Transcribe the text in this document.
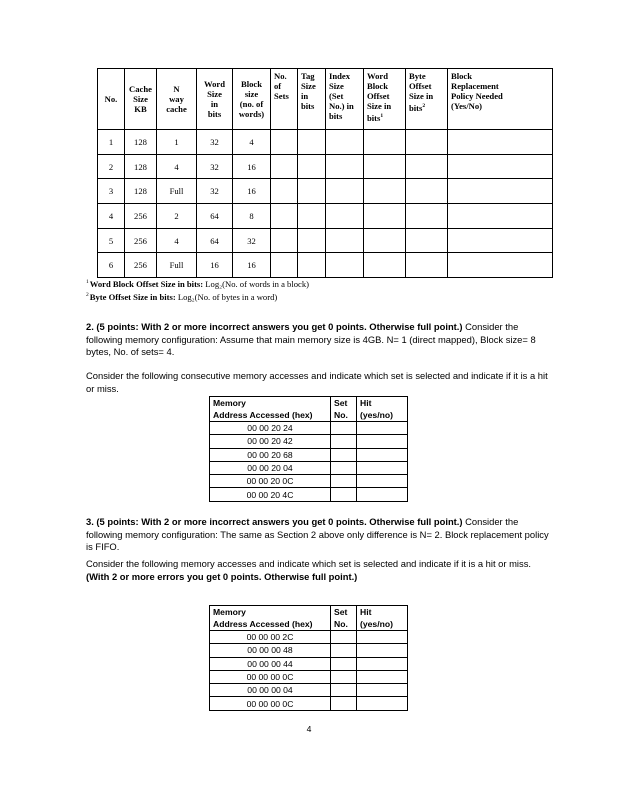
No.	Cache
Size
KB	N
way
cache	Word
Size
in
bits	Block
size
(no. of
words)	No.
of
Sets	Tag
Size
in
bits	Index
Size
(Set
No.) in
bits	Word
Block
Offset
Size in
bits$^1$	Byte
Offset
Size in
bits$^2$	Block
Replacement
Policy Needed
(Yes/No)
1	128	1	32	4						
2	128	4	32	16						
3	128	Full	32	16						
4	256	2	64	8						
5	256	4	64	32						
6	256	Full	16	16						
$^1$Word Block Offset Size in bits: Log₂(No. of words in a block)
$^2$Byte Offset Size in bits: Log₂(No. of bytes in a word)
2. (5 points: With 2 or more incorrect answers you get 0 points. Otherwise full point.) Consider the following memory configuration: Assume that main memory size is 4GB. N= 1 (direct mapped), Block size= 8 bytes, No. of sets= 4.
Consider the following consecutive memory accesses and indicate which set is selected and indicate if it is a hit or miss.
Memory
Address Accessed (hex)	Set
No.	Hit
(yes/no)
00 00 20 24		
00 00 20 42		
00 00 20 68		
00 00 20 04		
00 00 20 0C		
00 00 20 4C		
3. (5 points: With 2 or more incorrect answers you get 0 points. Otherwise full point.) Consider the following memory configuration: The same as Section 2 above only difference is N= 2. Block replacement policy is FIFO.
Consider the following memory accesses and indicate which set is selected and indicate if it is a hit or miss. (With 2 or more errors you get 0 points. Otherwise full point.)
Memory
Address Accessed (hex)	Set
No.	Hit
(yes/no)
00 00 00 2C		
00 00 00 48		
00 00 00 44		
00 00 00 0C		
00 00 00 04		
00 00 00 0C		
4
